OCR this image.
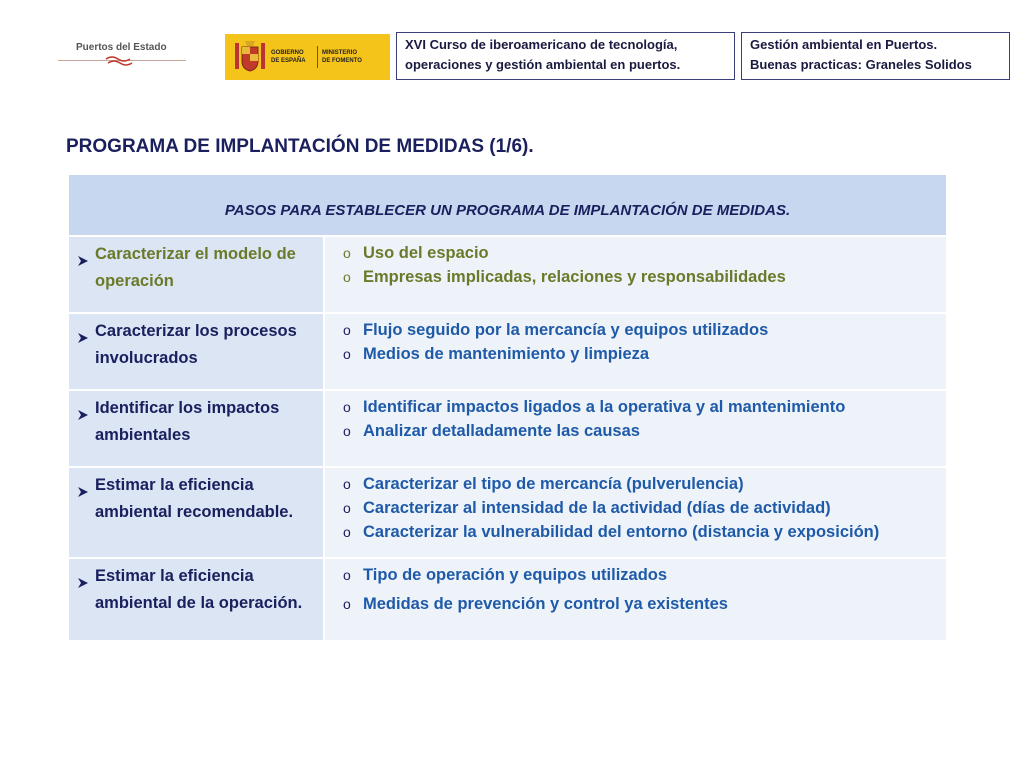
Puertos del Estado	GOBIERNO
DE ESPAÑA
MINISTERIO
DE FOMENTO
XVI Curso de iberoamericano de tecnología,
operaciones y gestión ambiental en puertos.
Gestión ambiental en Puertos.
Buenas practicas: Graneles Solidos
PROGRAMA DE IMPLANTACIÓN DE MEDIDAS (1/6).
PASOS PARA ESTABLECER UN PROGRAMA DE IMPLANTACIÓN DE MEDIDAS.
Caracterizar el modelo de operación
o Uso del espacio
o Empresas implicadas, relaciones y responsabilidades
Caracterizar los procesos involucrados
o Flujo seguido por la mercancía y equipos utilizados
o Medios de mantenimiento y limpieza
Identificar los impactos ambientales
o Identificar impactos ligados a la operativa y al mantenimiento
o Analizar detalladamente las causas
Estimar la eficiencia ambiental recomendable.
o Caracterizar el tipo de mercancía (pulverulencia)
o Caracterizar al intensidad de la actividad (días de actividad)
o Caracterizar la vulnerabilidad del entorno (distancia y exposición)
Estimar la eficiencia ambiental de la operación.
o Tipo de operación y equipos utilizados
o Medidas de prevención y control ya existentes
